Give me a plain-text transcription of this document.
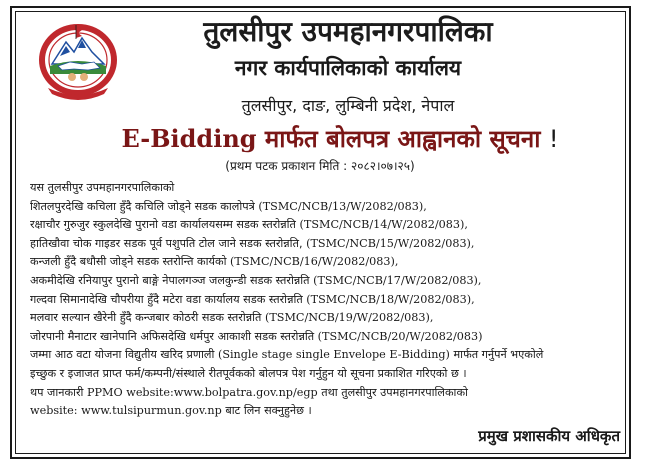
तुलसीपुर उपमहानगरपालिका
नगर कार्यपालिकाको कार्यालय
तुलसीपुर, दाङ, लुम्बिनी प्रदेश, नेपाल
E-Bidding मार्फत बोलपत्र आह्वानको सूचना !
(प्रथम पटक प्रकाशन मिति : २०८२।०७।२५)
यस तुलसीपुर उपमहानगरपालिकाको
शितलपुरदेखि कचिला हुँदै कचिलि जोड्ने सडक कालोपत्रे (TSMC/NCB/13/W/2082/083),
रक्षाचौर गुरुजुर स्कुलदेखि पुरानो वडा कार्यालयसम्म सडक स्तरोन्नति (TSMC/NCB/14/W/2082/083),
हातिखौवा चोक गाइडर सडक पूर्व पशुपति टोल जाने सडक स्तरोन्नति, (TSMC/NCB/15/W/2082/083),
कन्जली हुँदै बधौसी जोड्ने सडक स्तरोन्ति कार्यको (TSMC/NCB/16/W/2082/083),
अकमीदेखि रनियापुर पुरानो बाङ्गे नेपालगञ्ज जलकुन्डी सडक स्तरोन्नति (TSMC/NCB/17/W/2082/083),
गल्दवा सिमानादेखि चौपरीया हुँदै मटेरा वडा कार्यालय सडक स्तरोन्नति (TSMC/NCB/18/W/2082/083),
मलवार सल्यान खैरेनी हुँदै कन्जबार कोठरी सडक स्तरोन्नति (TSMC/NCB/19/W/2082/083),
जोरपानी मैनाटार खानेपानि अफिसदेखि धर्मपुर आकाशी सडक स्तरोन्नति (TSMC/NCB/20/W/2082/083)
जम्मा आठ वटा योजना विद्युतीय खरिद प्रणाली (Single stage single Envelope E-Bidding) मार्फत गर्नुपर्ने भएकोले
इच्छुक र इजाजत प्राप्त फर्म/कम्पनी/संस्थाले रीतपूर्वकको बोलपत्र पेश गर्नुहुन यो सूचना प्रकाशित गरिएको छ ।
थप जानकारी PPMO website:www.bolpatra.gov.np/egp तथा तुलसीपुर उपमहानगरपालिकाको
website: www.tulsipurmun.gov.np बाट लिन सक्नुहुनेछ ।
प्रमुख प्रशासकीय अधिकृत
